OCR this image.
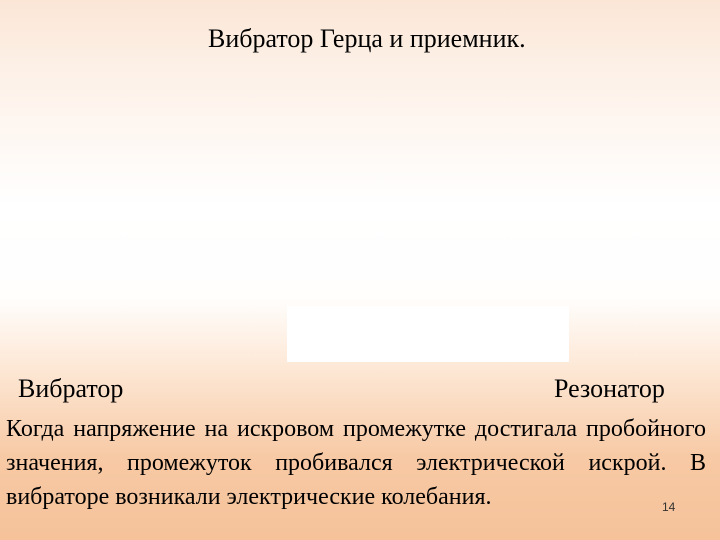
Вибратор Герца и приемник.
Вибратор	Резонатор

Когда напряжение на искровом промежутке достигала пробойного значения, промежуток пробивался электрической искрой. В вибраторе возникали электрические колебания.	14
